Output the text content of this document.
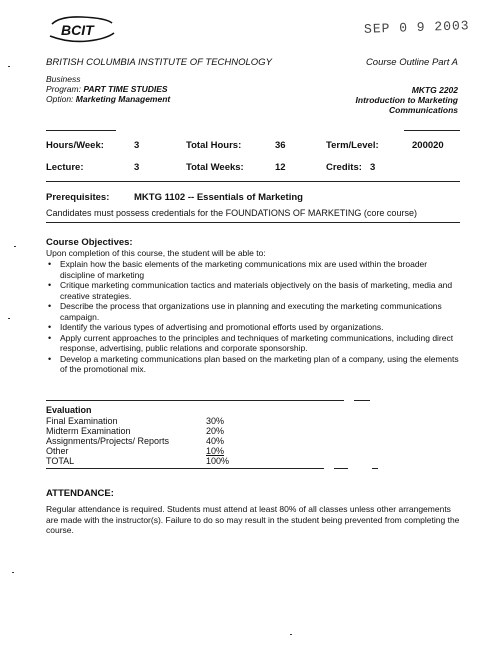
BCIT	SEP 0 9 2003
BRITISH COLUMBIA INSTITUTE OF TECHNOLOGY	Course Outline Part A
Business
Program: PART TIME STUDIES
Option: Marketing Management
MKTG 2202
Introduction to Marketing
Communications
Hours/Week:	3	Total Hours:	36	Term/Level:	200020
Lecture:	3	Total Weeks:	12	Credits: 3
Prerequisites:	MKTG 1102 -- Essentials of Marketing
Candidates must possess credentials for the FOUNDATIONS OF MARKETING (core course)
Course Objectives:
Upon completion of this course, the student will be able to:
• Explain how the basic elements of the marketing communications mix are used within the broader discipline of marketing
• Critique marketing communication tactics and materials objectively on the basis of marketing, media and creative strategies.
• Describe the process that organizations use in planning and executing the marketing communications campaign.
• Identify the various types of advertising and promotional efforts used by organizations.
• Apply current approaches to the principles and techniques of marketing communications, including direct response, advertising, public relations and corporate sponsorship.
• Develop a marketing communications plan based on the marketing plan of a company, using the elements of the promotional mix.
Evaluation
Final Examination	30%
Midterm Examination	20%
Assignments/Projects/ Reports	40%
Other	10%
TOTAL	100%
ATTENDANCE:
Regular attendance is required. Students must attend at least 80% of all classes unless other arrangements are made with the instructor(s). Failure to do so may result in the student being prevented from completing the course.
